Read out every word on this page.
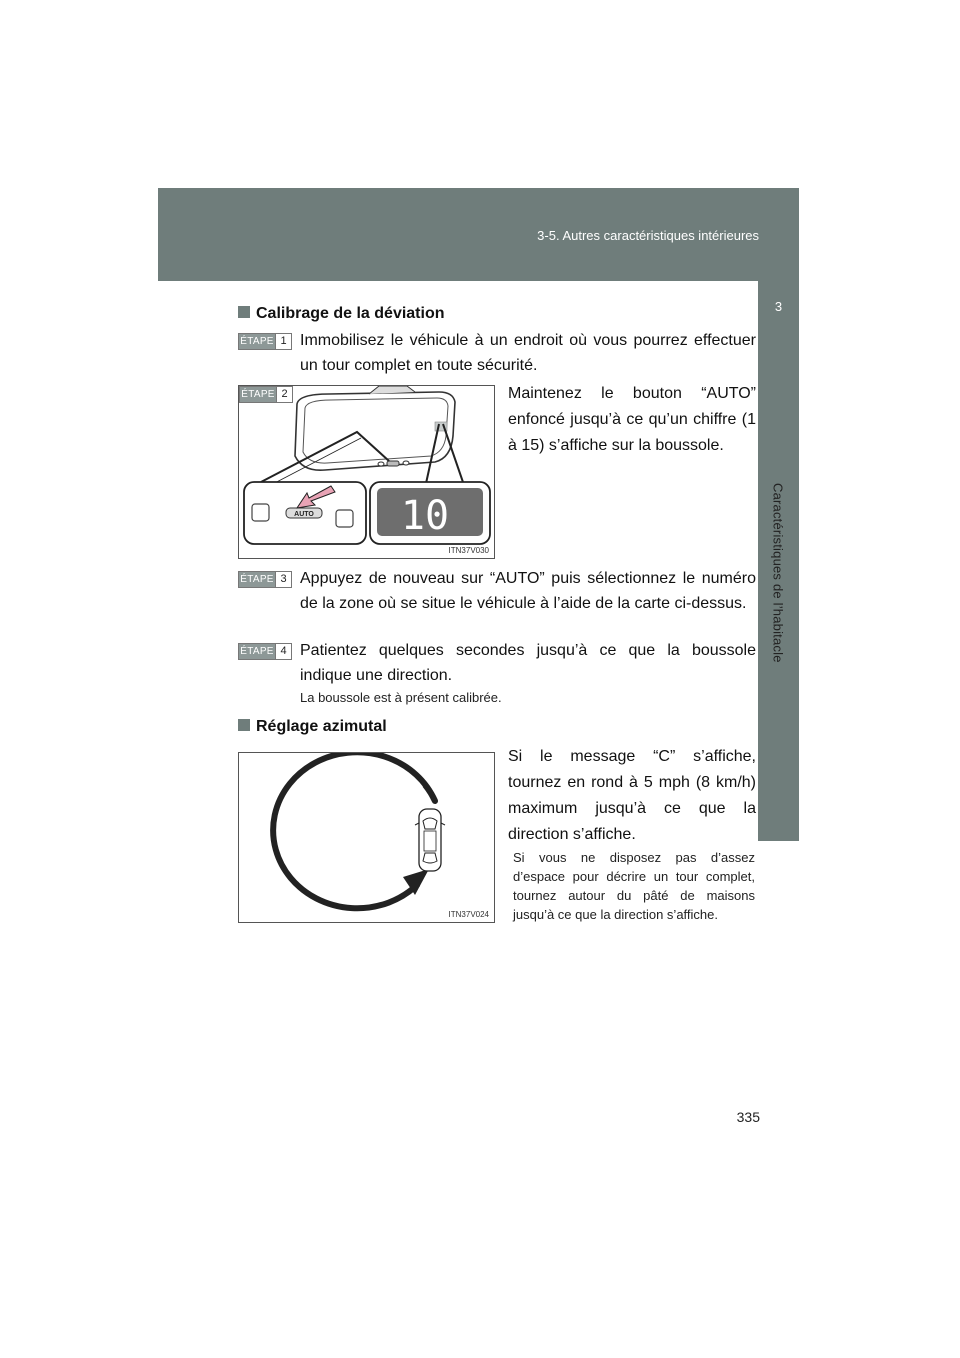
3-5. Autres caractéristiques intérieures
3
Caractéristiques de l’habitacle
Calibrage de la déviation
ÉTAPE 1 Immobilisez le véhicule à un endroit où vous pourrez effectuer un tour complet en toute sécurité.
ÉTAPE 2
AUTO 10
ITN37V030
Maintenez le bouton “AUTO” enfoncé jusqu’à ce qu’un chiffre (1 à 15) s’affiche sur la boussole.
ÉTAPE 3 Appuyez de nouveau sur “AUTO” puis sélectionnez le numéro de la zone où se situe le véhicule à l’aide de la carte ci-dessus.
ÉTAPE 4 Patientez quelques secondes jusqu’à ce que la boussole indique une direction.
La boussole est à présent calibrée.
Réglage azimutal
ITN37V024
Si le message “C” s’affiche, tournez en rond à 5 mph (8 km/h) maximum jusqu’à ce que la direction s’affiche.
Si vous ne disposez pas d’assez d’espace pour décrire un tour complet, tournez autour du pâté de maisons jusqu’à ce que la direction s’affiche.
335
